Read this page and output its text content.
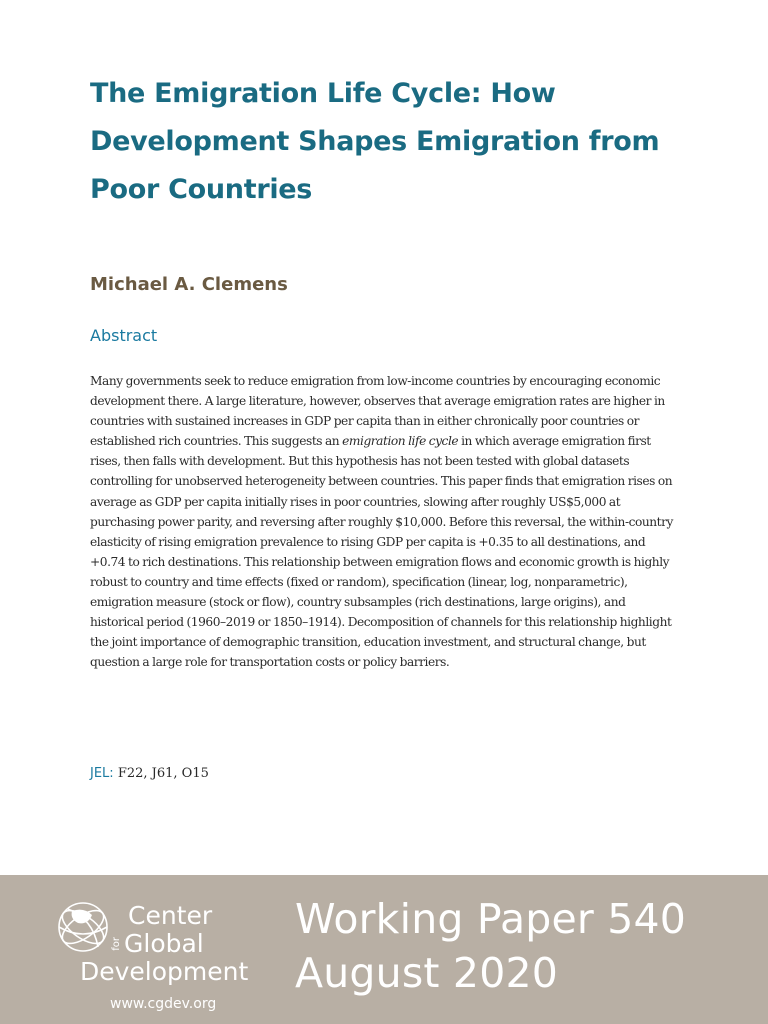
The Emigration Life Cycle: How Development Shapes Emigration from Poor Countries
Michael A. Clemens
Abstract

Many governments seek to reduce emigration from low-income countries by encouraging economic development there. A large literature, however, observes that average emigration rates are higher in countries with sustained increases in GDP per capita than in either chronically poor countries or established rich countries. This suggests an emigration life cycle in which average emigration first rises, then falls with development. But this hypothesis has not been tested with global datasets controlling for unobserved heterogeneity between countries. This paper finds that emigration rises on average as GDP per capita initially rises in poor countries, slowing after roughly US$5,000 at purchasing power parity, and reversing after roughly $10,000. Before this reversal, the within-country elasticity of rising emigration prevalence to rising GDP per capita is +0.35 to all destinations, and +0.74 to rich destinations. This relationship between emigration flows and economic growth is highly robust to country and time effects (fixed or random), specification (linear, log, nonparametric), emigration measure (stock or flow), country subsamples (rich destinations, large origins), and historical period (1960–2019 or 1850–1914). Decomposition of channels for this relationship highlight the joint importance of demographic transition, education investment, and structural change, but question a large role for transportation costs or policy barriers.

JEL: F22, J61, O15
Center
for Global
Development
www.cgdev.org
Working Paper 540
August 2020
